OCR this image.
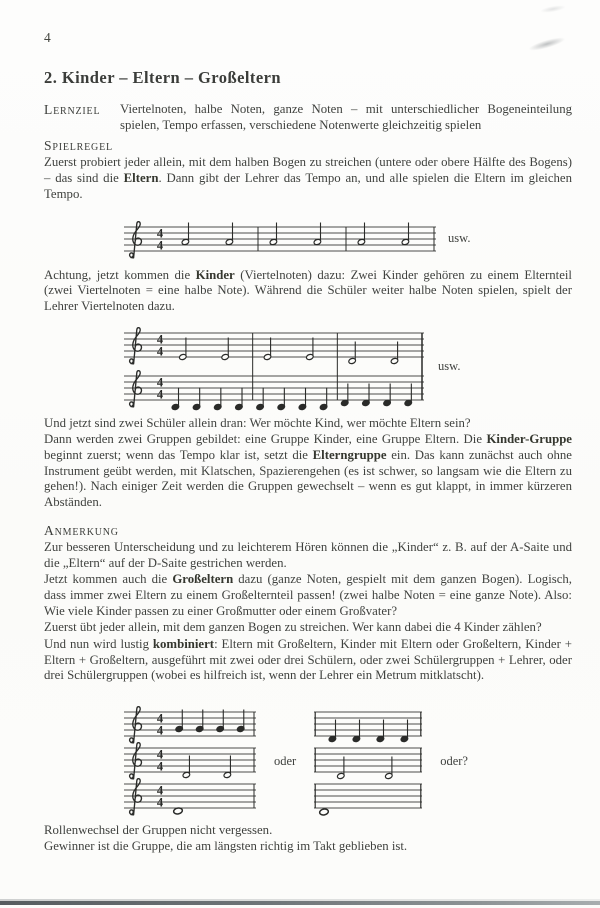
4
2. Kinder – Eltern – Großeltern
Lernziel	Viertelnoten, halbe Noten, ganze Noten – mit unterschiedlicher Bogeneinteilung spielen, Tempo erfassen, verschiedene Notenwerte gleichzeitig spielen
Spielregel

Zuerst probiert jeder allein, mit dem halben Bogen zu streichen (untere oder obere Hälfte des Bogens) – das sind die Eltern. Dann gibt der Lehrer das Tempo an, und alle spielen die Eltern im gleichen Tempo.

4
4	usw.

Achtung, jetzt kommen die Kinder (Viertelnoten) dazu: Zwei Kinder gehören zu einem Elternteil (zwei Viertelnoten = eine halbe Note). Während die Schüler weiter halbe Noten spielen, spielt der Lehrer Viertelnoten dazu.

4
4
4
4
usw.

Und jetzt sind zwei Schüler allein dran: Wer möchte Kind, wer möchte Eltern sein?

Dann werden zwei Gruppen gebildet: eine Gruppe Kinder, eine Gruppe Eltern. Die Kinder-Gruppe beginnt zuerst; wenn das Tempo klar ist, setzt die Elterngruppe ein. Das kann zunächst auch ohne Instrument geübt werden, mit Klatschen, Spazierengehen (es ist schwer, so langsam wie die Eltern zu gehen!). Nach einiger Zeit werden die Gruppen gewechselt – wenn es gut klappt, in immer kürzeren Abständen.

Anmerkung

Zur besseren Unterscheidung und zu leichterem Hören können die „Kinder“ z. B. auf der A-Saite und die „Eltern“ auf der D-Saite gestrichen werden.

Jetzt kommen auch die Großeltern dazu (ganze Noten, gespielt mit dem ganzen Bogen). Logisch, dass immer zwei Eltern zu einem Großelternteil passen! (zwei halbe Noten = eine ganze Note). Also: Wie viele Kinder passen zu einer Großmutter oder einem Großvater?

Zuerst übt jeder allein, mit dem ganzen Bogen zu streichen. Wer kann dabei die 4 Kinder zählen?

Und nun wird lustig kombiniert: Eltern mit Großeltern, Kinder mit Eltern oder Großeltern, Kinder + Eltern + Großeltern, ausgeführt mit zwei oder drei Schülern, oder zwei Schülergruppen + Lehrer, oder drei Schülergruppen (wobei es hilfreich ist, wenn der Lehrer ein Metrum mitklatscht).

4
4
4
4
4
4
oder	oder?

Rollenwechsel der Gruppen nicht vergessen.
Gewinner ist die Gruppe, die am längsten richtig im Takt geblieben ist.
